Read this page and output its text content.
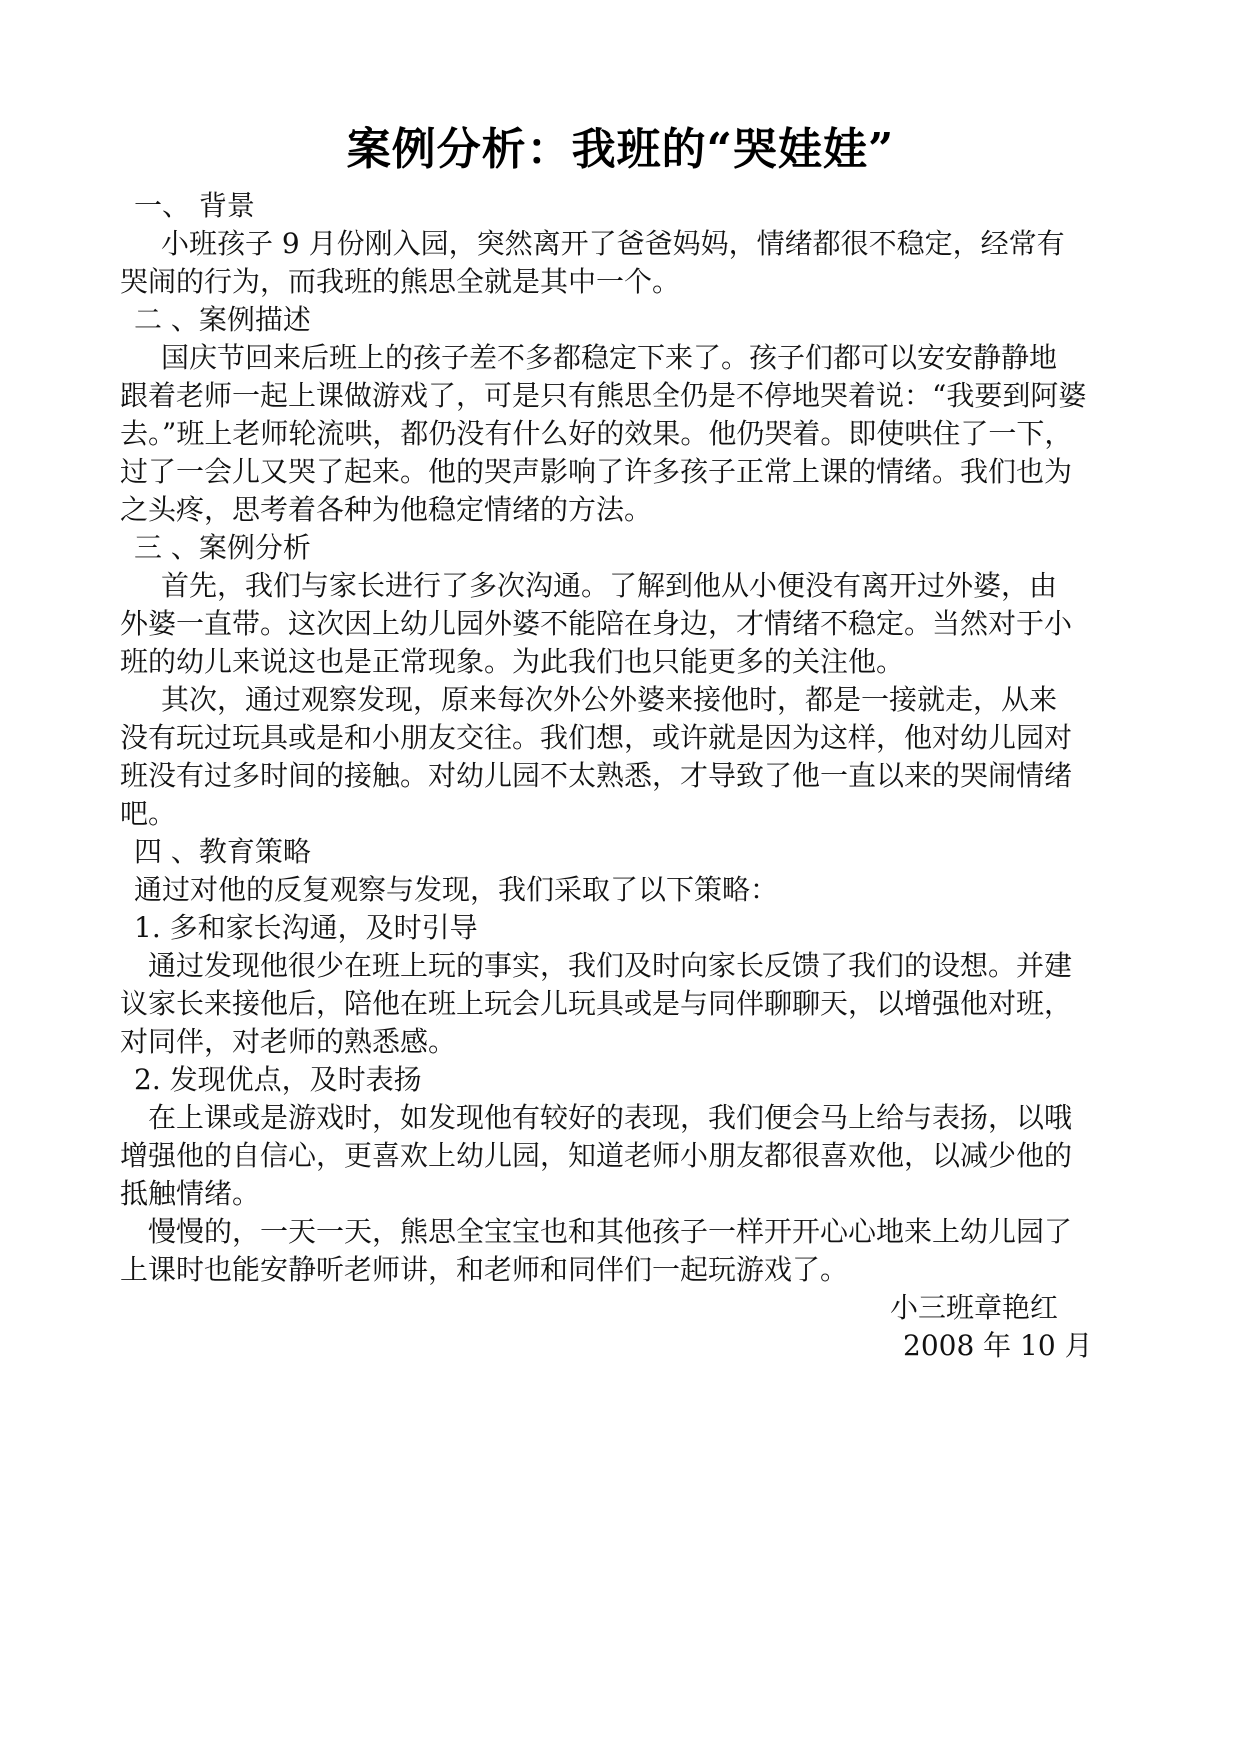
案例分析：我班的“哭娃娃”
一、 背景
小班孩子 9 月份刚入园，突然离开了爸爸妈妈，情绪都很不稳定，经常有
哭闹的行为，而我班的熊思全就是其中一个。
二 、案例描述
国庆节回来后班上的孩子差不多都稳定下来了。孩子们都可以安安静静地
跟着老师一起上课做游戏了，可是只有熊思全仍是不停地哭着说：“我要到阿婆
去。”班上老师轮流哄，都仍没有什么好的效果。他仍哭着。即使哄住了一下，
过了一会儿又哭了起来。他的哭声影响了许多孩子正常上课的情绪。我们也为
之头疼，思考着各种为他稳定情绪的方法。
三 、案例分析
首先，我们与家长进行了多次沟通。了解到他从小便没有离开过外婆，由
外婆一直带。这次因上幼儿园外婆不能陪在身边，才情绪不稳定。当然对于小
班的幼儿来说这也是正常现象。为此我们也只能更多的关注他。
其次，通过观察发现，原来每次外公外婆来接他时，都是一接就走，从来
没有玩过玩具或是和小朋友交往。我们想，或许就是因为这样，他对幼儿园对
班没有过多时间的接触。对幼儿园不太熟悉，才导致了他一直以来的哭闹情绪
吧。
四 、教育策略
通过对他的反复观察与发现，我们采取了以下策略：
1. 多和家长沟通，及时引导
通过发现他很少在班上玩的事实，我们及时向家长反馈了我们的设想。并建
议家长来接他后，陪他在班上玩会儿玩具或是与同伴聊聊天，以增强他对班，
对同伴，对老师的熟悉感。
2. 发现优点，及时表扬
在上课或是游戏时，如发现他有较好的表现，我们便会马上给与表扬，以哦
增强他的自信心，更喜欢上幼儿园，知道老师小朋友都很喜欢他，以减少他的
抵触情绪。
慢慢的，一天一天，熊思全宝宝也和其他孩子一样开开心心地来上幼儿园了
上课时也能安静听老师讲，和老师和同伴们一起玩游戏了。
小三班章艳红
2008 年 10 月
